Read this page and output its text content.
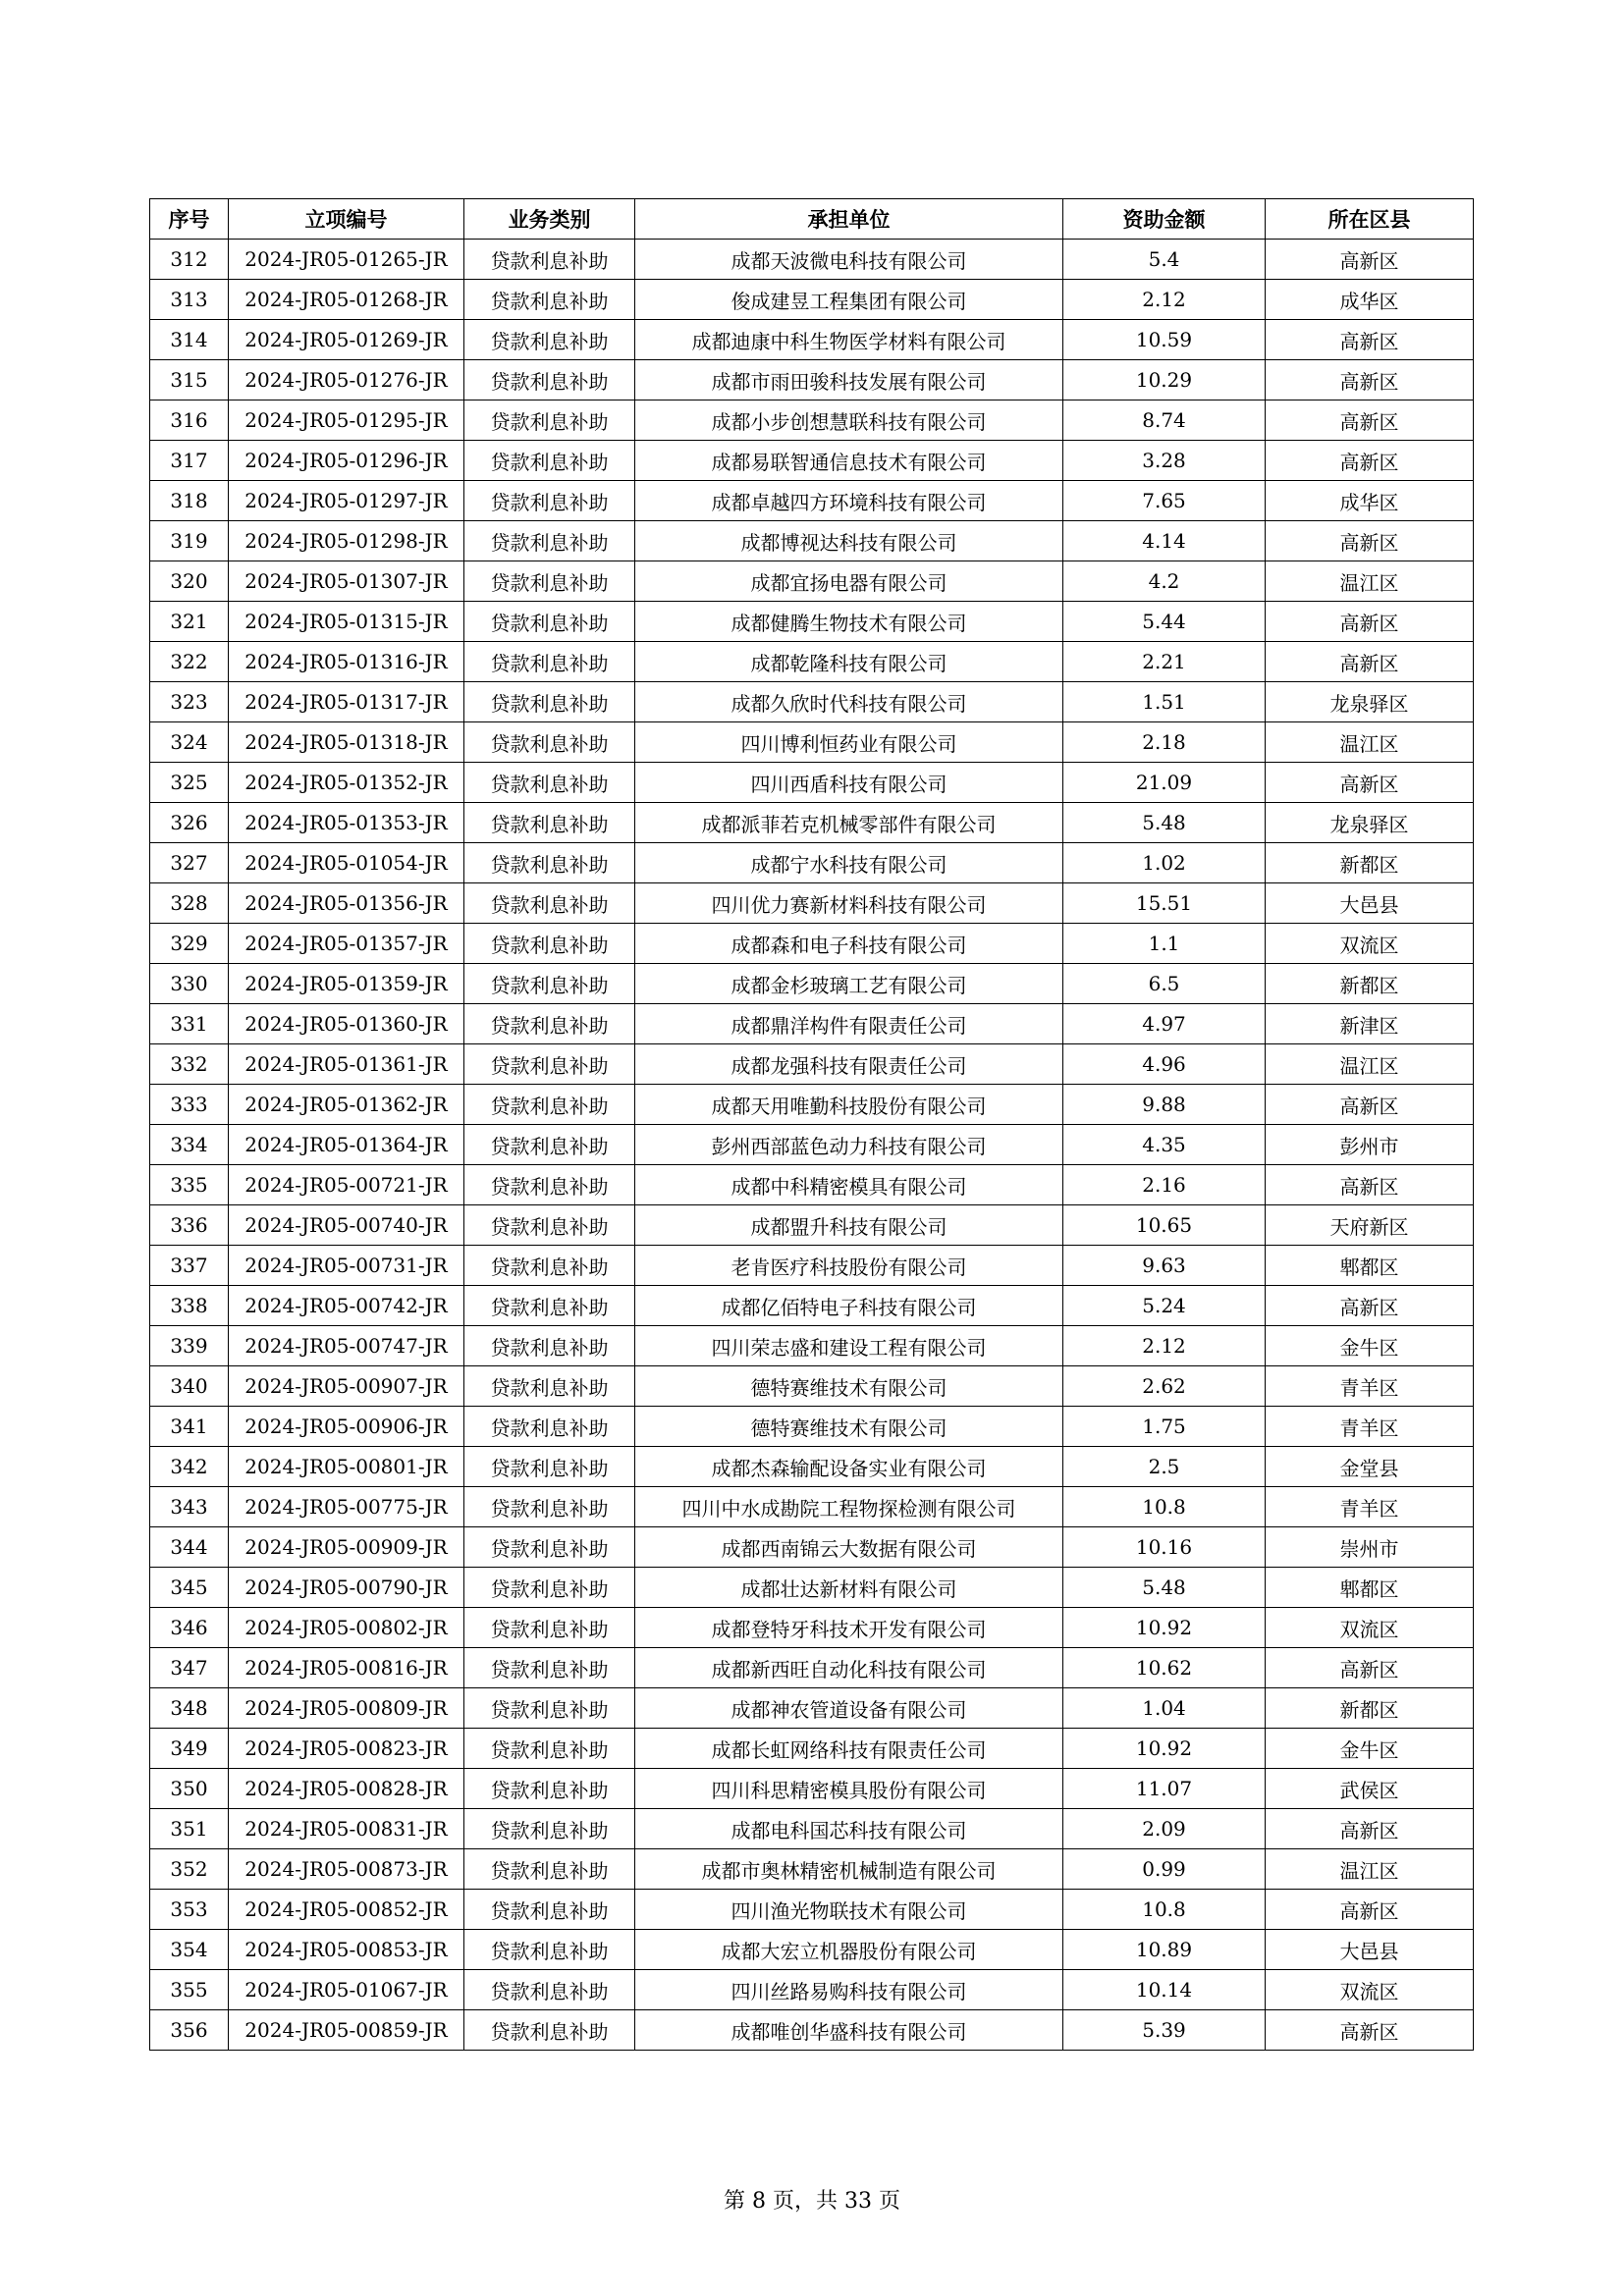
序号	立项编号	业务类别	承担单位	资助金额	所在区县
312	2024-JR05-01265-JR	贷款利息补助	成都天波微电科技有限公司	5.4	高新区
313	2024-JR05-01268-JR	贷款利息补助	俊成建昱工程集团有限公司	2.12	成华区
314	2024-JR05-01269-JR	贷款利息补助	成都迪康中科生物医学材料有限公司	10.59	高新区
315	2024-JR05-01276-JR	贷款利息补助	成都市雨田骏科技发展有限公司	10.29	高新区
316	2024-JR05-01295-JR	贷款利息补助	成都小步创想慧联科技有限公司	8.74	高新区
317	2024-JR05-01296-JR	贷款利息补助	成都易联智通信息技术有限公司	3.28	高新区
318	2024-JR05-01297-JR	贷款利息补助	成都卓越四方环境科技有限公司	7.65	成华区
319	2024-JR05-01298-JR	贷款利息补助	成都博视达科技有限公司	4.14	高新区
320	2024-JR05-01307-JR	贷款利息补助	成都宜扬电器有限公司	4.2	温江区
321	2024-JR05-01315-JR	贷款利息补助	成都健腾生物技术有限公司	5.44	高新区
322	2024-JR05-01316-JR	贷款利息补助	成都乾隆科技有限公司	2.21	高新区
323	2024-JR05-01317-JR	贷款利息补助	成都久欣时代科技有限公司	1.51	龙泉驿区
324	2024-JR05-01318-JR	贷款利息补助	四川博利恒药业有限公司	2.18	温江区
325	2024-JR05-01352-JR	贷款利息补助	四川西盾科技有限公司	21.09	高新区
326	2024-JR05-01353-JR	贷款利息补助	成都派菲若克机械零部件有限公司	5.48	龙泉驿区
327	2024-JR05-01054-JR	贷款利息补助	成都宁水科技有限公司	1.02	新都区
328	2024-JR05-01356-JR	贷款利息补助	四川优力赛新材料科技有限公司	15.51	大邑县
329	2024-JR05-01357-JR	贷款利息补助	成都森和电子科技有限公司	1.1	双流区
330	2024-JR05-01359-JR	贷款利息补助	成都金杉玻璃工艺有限公司	6.5	新都区
331	2024-JR05-01360-JR	贷款利息补助	成都鼎洋构件有限责任公司	4.97	新津区
332	2024-JR05-01361-JR	贷款利息补助	成都龙强科技有限责任公司	4.96	温江区
333	2024-JR05-01362-JR	贷款利息补助	成都天用唯勤科技股份有限公司	9.88	高新区
334	2024-JR05-01364-JR	贷款利息补助	彭州西部蓝色动力科技有限公司	4.35	彭州市
335	2024-JR05-00721-JR	贷款利息补助	成都中科精密模具有限公司	2.16	高新区
336	2024-JR05-00740-JR	贷款利息补助	成都盟升科技有限公司	10.65	天府新区
337	2024-JR05-00731-JR	贷款利息补助	老肯医疗科技股份有限公司	9.63	郫都区
338	2024-JR05-00742-JR	贷款利息补助	成都亿佰特电子科技有限公司	5.24	高新区
339	2024-JR05-00747-JR	贷款利息补助	四川荣志盛和建设工程有限公司	2.12	金牛区
340	2024-JR05-00907-JR	贷款利息补助	德特赛维技术有限公司	2.62	青羊区
341	2024-JR05-00906-JR	贷款利息补助	德特赛维技术有限公司	1.75	青羊区
342	2024-JR05-00801-JR	贷款利息补助	成都杰森输配设备实业有限公司	2.5	金堂县
343	2024-JR05-00775-JR	贷款利息补助	四川中水成勘院工程物探检测有限公司	10.8	青羊区
344	2024-JR05-00909-JR	贷款利息补助	成都西南锦云大数据有限公司	10.16	崇州市
345	2024-JR05-00790-JR	贷款利息补助	成都壮达新材料有限公司	5.48	郫都区
346	2024-JR05-00802-JR	贷款利息补助	成都登特牙科技术开发有限公司	10.92	双流区
347	2024-JR05-00816-JR	贷款利息补助	成都新西旺自动化科技有限公司	10.62	高新区
348	2024-JR05-00809-JR	贷款利息补助	成都神农管道设备有限公司	1.04	新都区
349	2024-JR05-00823-JR	贷款利息补助	成都长虹网络科技有限责任公司	10.92	金牛区
350	2024-JR05-00828-JR	贷款利息补助	四川科思精密模具股份有限公司	11.07	武侯区
351	2024-JR05-00831-JR	贷款利息补助	成都电科国芯科技有限公司	2.09	高新区
352	2024-JR05-00873-JR	贷款利息补助	成都市奥林精密机械制造有限公司	0.99	温江区
353	2024-JR05-00852-JR	贷款利息补助	四川渔光物联技术有限公司	10.8	高新区
354	2024-JR05-00853-JR	贷款利息补助	成都大宏立机器股份有限公司	10.89	大邑县
355	2024-JR05-01067-JR	贷款利息补助	四川丝路易购科技有限公司	10.14	双流区
356	2024-JR05-00859-JR	贷款利息补助	成都唯创华盛科技有限公司	5.39	高新区
第 8 页，共 33 页
